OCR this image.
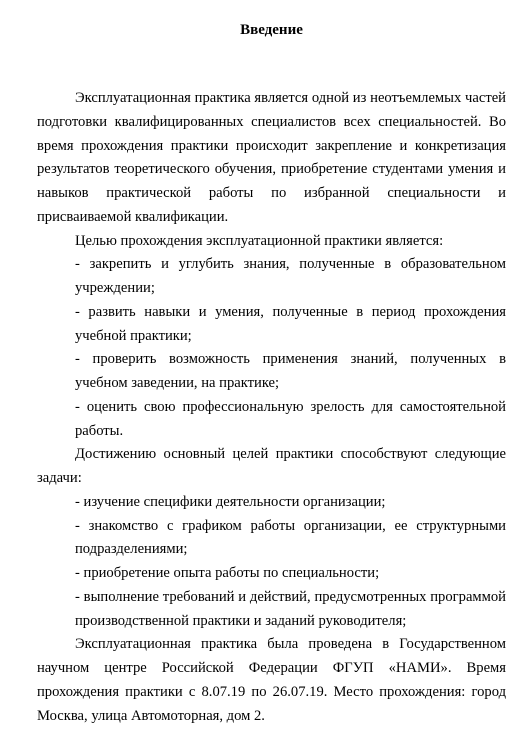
Введение

Эксплуатационная практика является одной из неотъемлемых частей подготовки квалифицированных специалистов всех специальностей. Во время прохождения практики происходит закрепление и конкретизация результатов теоретического обучения, приобретение студентами умения и навыков практической работы по избранной специальности и присваиваемой квалификации.

Целью прохождения эксплуатационной практики является:

- закрепить и углубить знания, полученные в образовательном учреждении;

- развить навыки и умения, полученные в период прохождения учебной практики;

- проверить возможность применения знаний, полученных в учебном заведении, на практике;

- оценить свою профессиональную зрелость для самостоятельной работы.

Достижению основный целей практики способствуют следующие задачи:

- изучение специфики деятельности организации;

- знакомство с графиком работы организации, ее структурными подразделениями;

- приобретение опыта работы по специальности;

- выполнение требований и действий, предусмотренных программой производственной практики и заданий руководителя;

Эксплуатационная практика была проведена в Государственном научном центре Российской Федерации ФГУП «НАМИ». Время прохождения практики с 8.07.19 по 26.07.19. Место прохождения: город Москва, улица Автомоторная, дом 2.
